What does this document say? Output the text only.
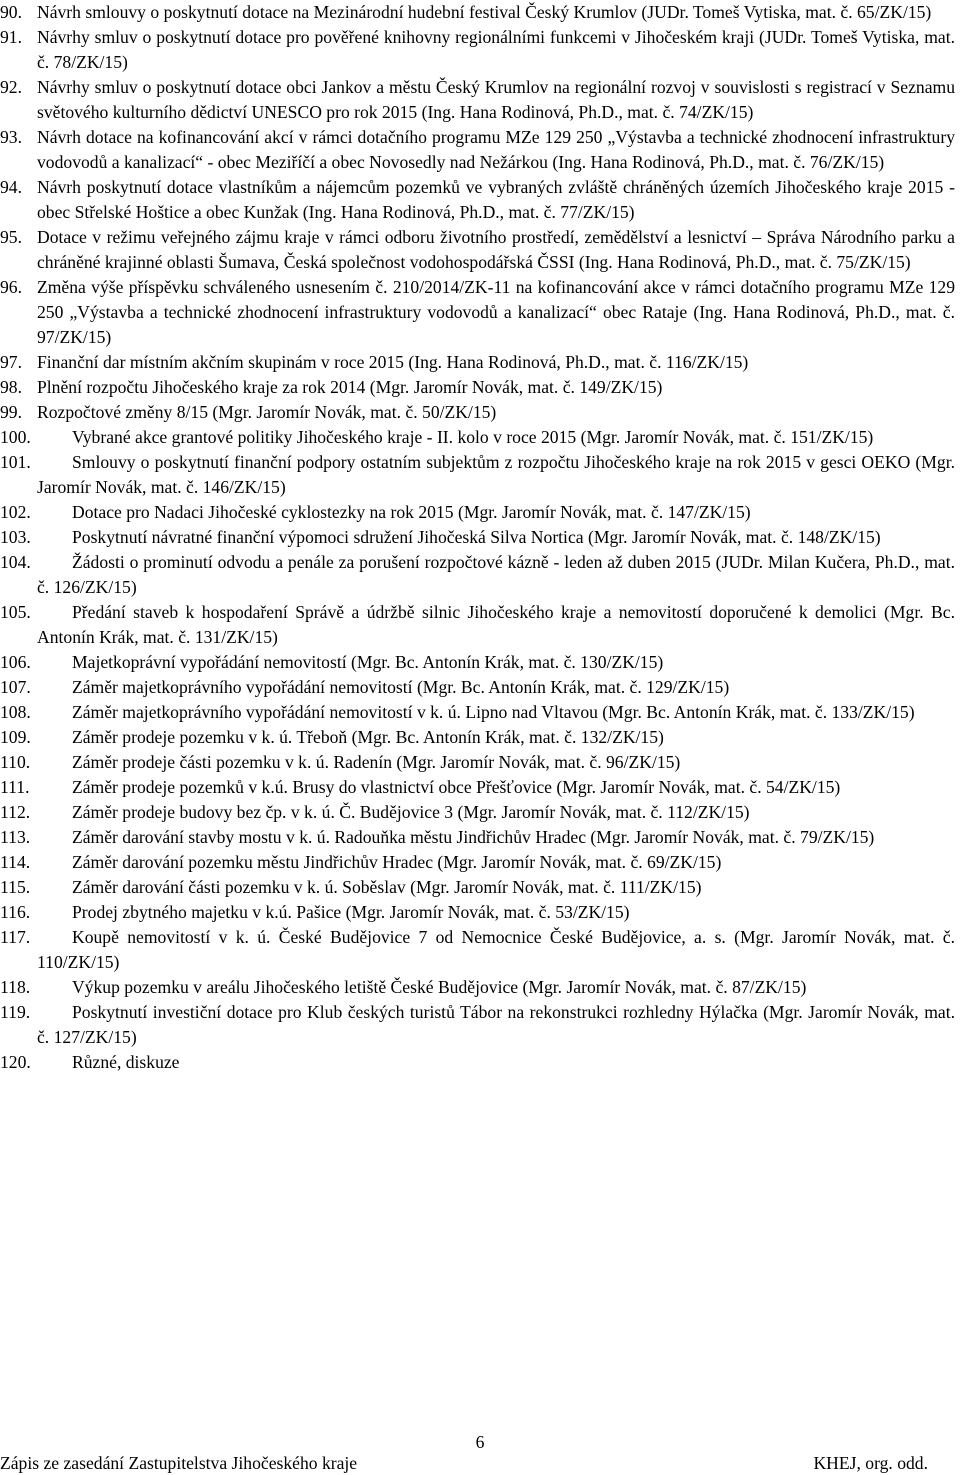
90. Návrh smlouvy o poskytnutí dotace na Mezinárodní hudební festival Český Krumlov (JUDr. Tomeš Vytiska, mat. č. 65/ZK/15)
91. Návrhy smluv o poskytnutí dotace pro pověřené knihovny regionálními funkcemi v Jihočeském kraji (JUDr. Tomeš Vytiska, mat. č. 78/ZK/15)
92. Návrhy smluv o poskytnutí dotace obci Jankov a městu Český Krumlov na regionální rozvoj v souvislosti s registrací v Seznamu světového kulturního dědictví UNESCO pro rok 2015 (Ing. Hana Rodinová, Ph.D., mat. č. 74/ZK/15)
93. Návrh dotace na kofinancování akcí v rámci dotačního programu MZe 129 250 „Výstavba a technické zhodnocení infrastruktury vodovodů a kanalizací“ - obec Meziříčí a obec Novosedly nad Nežárkou (Ing. Hana Rodinová, Ph.D., mat. č. 76/ZK/15)
94. Návrh poskytnutí dotace vlastníkům a nájemcům pozemků ve vybraných zvláště chráněných územích Jihočeského kraje 2015 - obec Střelské Hoštice a obec Kunžak (Ing. Hana Rodinová, Ph.D., mat. č. 77/ZK/15)
95. Dotace v režimu veřejného zájmu kraje v rámci odboru životního prostředí, zemědělství a lesnictví – Správa Národního parku a chráněné krajinné oblasti Šumava, Česká společnost vodohospodářská ČSSI (Ing. Hana Rodinová, Ph.D., mat. č. 75/ZK/15)
96. Změna výše příspěvku schváleného usnesením č. 210/2014/ZK-11 na kofinancování akce v rámci dotačního programu MZe 129 250 „Výstavba a technické zhodnocení infrastruktury vodovodů a kanalizací“ obec Rataje (Ing. Hana Rodinová, Ph.D., mat. č. 97/ZK/15)
97. Finanční dar místním akčním skupinám v roce 2015 (Ing. Hana Rodinová, Ph.D., mat. č. 116/ZK/15)
98. Plnění rozpočtu Jihočeského kraje za rok 2014 (Mgr. Jaromír Novák, mat. č. 149/ZK/15)
99. Rozpočtové změny 8/15 (Mgr. Jaromír Novák, mat. č. 50/ZK/15)
100. Vybrané akce grantové politiky Jihočeského kraje - II. kolo v roce 2015 (Mgr. Jaromír Novák, mat. č. 151/ZK/15)
101. Smlouvy o poskytnutí finanční podpory ostatním subjektům z rozpočtu Jihočeského kraje na rok 2015 v gesci OEKO (Mgr. Jaromír Novák, mat. č. 146/ZK/15)
102. Dotace pro Nadaci Jihočeské cyklostezky na rok 2015 (Mgr. Jaromír Novák, mat. č. 147/ZK/15)
103. Poskytnutí návratné finanční výpomoci sdružení Jihočeská Silva Nortica (Mgr. Jaromír Novák, mat. č. 148/ZK/15)
104. Žádosti o prominutí odvodu a penále za porušení rozpočtové kázně - leden až duben 2015 (JUDr. Milan Kučera, Ph.D., mat. č. 126/ZK/15)
105. Předání staveb k hospodaření Správě a údržbě silnic Jihočeského kraje a nemovitostí doporučené k demolici (Mgr. Bc. Antonín Krák, mat. č. 131/ZK/15)
106. Majetkoprávní vypořádání nemovitostí (Mgr. Bc. Antonín Krák, mat. č. 130/ZK/15)
107. Záměr majetkoprávního vypořádání nemovitostí (Mgr. Bc. Antonín Krák, mat. č. 129/ZK/15)
108. Záměr majetkoprávního vypořádání nemovitostí v k. ú. Lipno nad Vltavou (Mgr. Bc. Antonín Krák, mat. č. 133/ZK/15)
109. Záměr prodeje pozemku v k. ú. Třeboň (Mgr. Bc. Antonín Krák, mat. č. 132/ZK/15)
110. Záměr prodeje části pozemku v k. ú. Radenín (Mgr. Jaromír Novák, mat. č. 96/ZK/15)
111. Záměr prodeje pozemků v k.ú. Brusy do vlastnictví obce Přešťovice (Mgr. Jaromír Novák, mat. č. 54/ZK/15)
112. Záměr prodeje budovy bez čp. v k. ú. Č. Budějovice 3 (Mgr. Jaromír Novák, mat. č. 112/ZK/15)
113. Záměr darování stavby mostu v k. ú. Radouňka městu Jindřichův Hradec (Mgr. Jaromír Novák, mat. č. 79/ZK/15)
114. Záměr darování pozemku městu Jindřichův Hradec (Mgr. Jaromír Novák, mat. č. 69/ZK/15)
115. Záměr darování části pozemku v k. ú. Soběslav (Mgr. Jaromír Novák, mat. č. 111/ZK/15)
116. Prodej zbytného majetku v k.ú. Pašice (Mgr. Jaromír Novák, mat. č. 53/ZK/15)
117. Koupě nemovitostí v k. ú. České Budějovice 7 od Nemocnice České Budějovice, a. s. (Mgr. Jaromír Novák, mat. č. 110/ZK/15)
118. Výkup pozemku v areálu Jihočeského letiště České Budějovice (Mgr. Jaromír Novák, mat. č. 87/ZK/15)
119. Poskytnutí investiční dotace pro Klub českých turistů Tábor na rekonstrukci rozhledny Hýlačka (Mgr. Jaromír Novák, mat. č. 127/ZK/15)
120. Různé, diskuze
6
Zápis ze zasedání Zastupitelstva Jihočeského kraje	KHEJ, org. odd.
